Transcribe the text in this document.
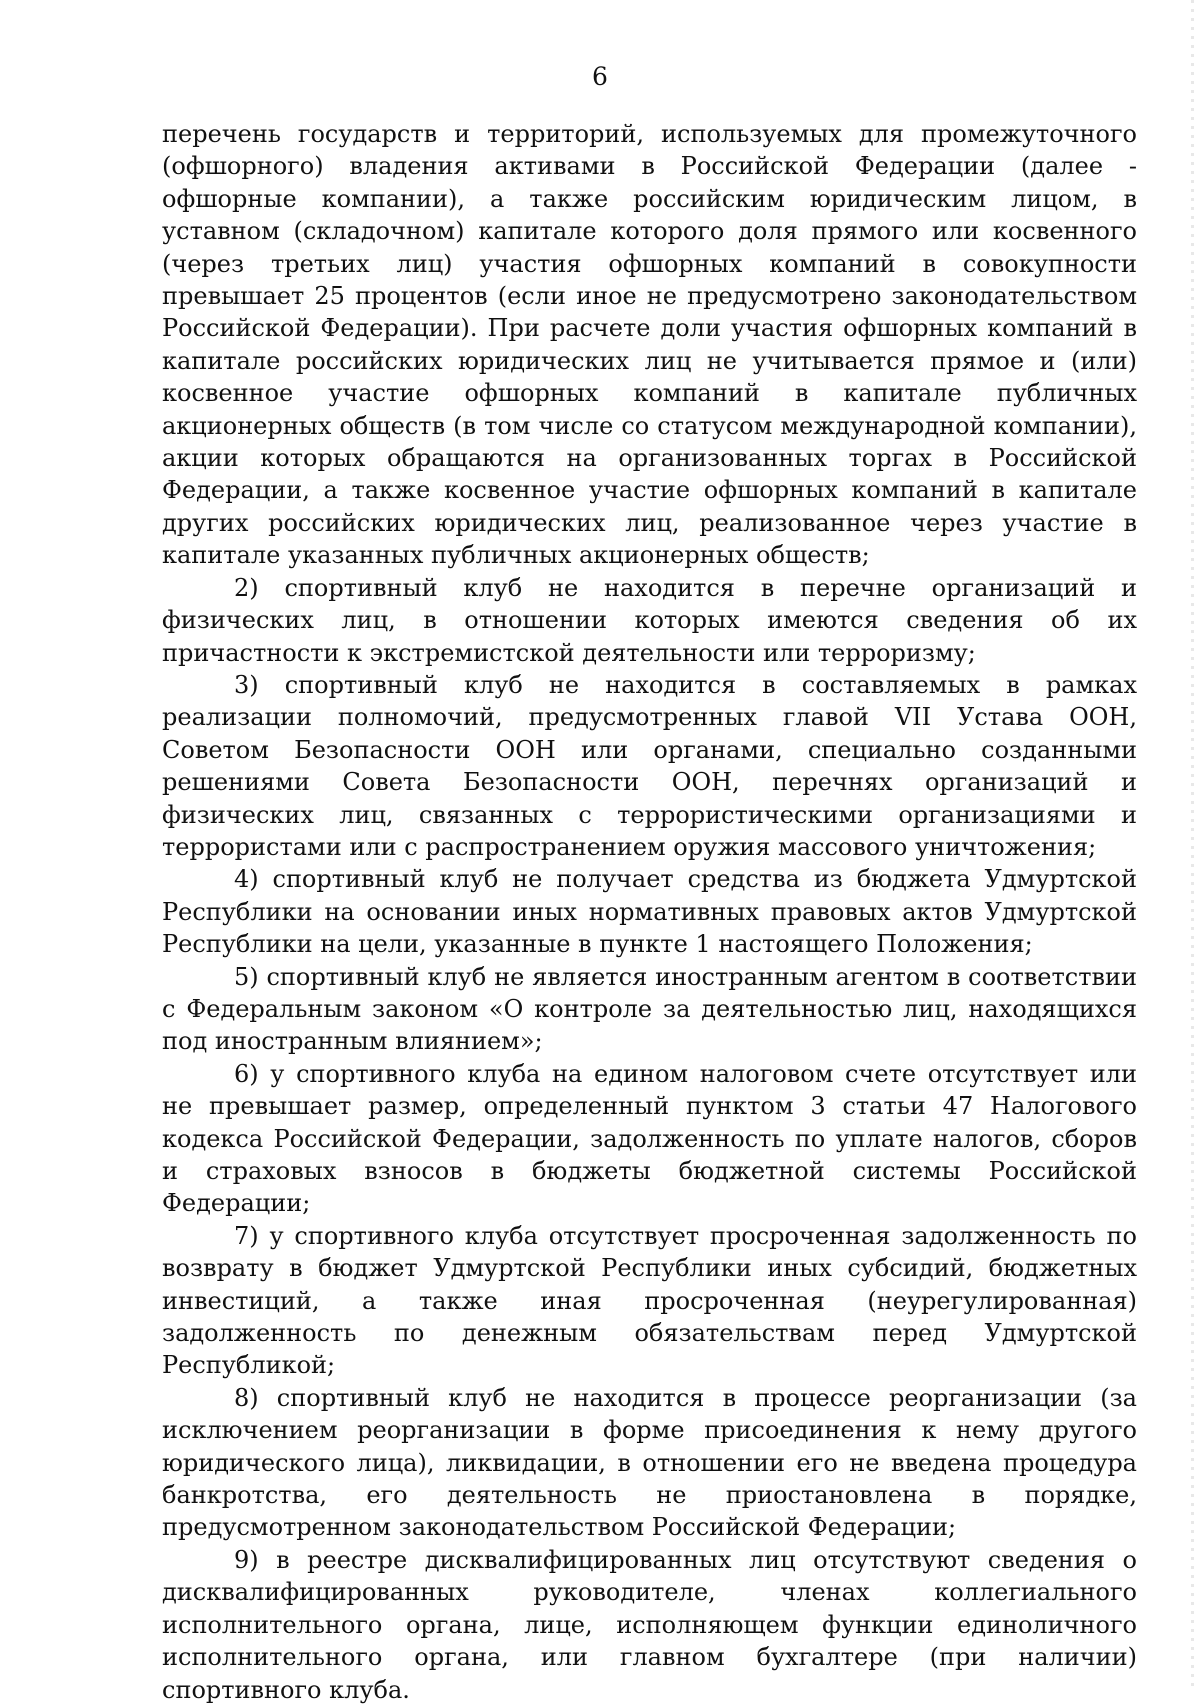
6

перечень государств и территорий, используемых для промежуточного (офшорного) владения активами в Российской Федерации (далее - офшорные компании), а также российским юридическим лицом, в уставном (складочном) капитале которого доля прямого или косвенного (через третьих лиц) участия офшорных компаний в совокупности превышает 25 процентов (если иное не предусмотрено законодательством Российской Федерации). При расчете доли участия офшорных компаний в капитале российских юридических лиц не учитывается прямое и (или) косвенное участие офшорных компаний в капитале публичных акционерных обществ (в том числе со статусом международной компании), акции которых обращаются на организованных торгах в Российской Федерации, а также косвенное участие офшорных компаний в капитале других российских юридических лиц, реализованное через участие в капитале указанных публичных акционерных обществ;

2) спортивный клуб не находится в перечне организаций и физических лиц, в отношении которых имеются сведения об их причастности к экстремистской деятельности или терроризму;

3) спортивный клуб не находится в составляемых в рамках реализации полномочий, предусмотренных главой VII Устава ООН, Советом Безопасности ООН или органами, специально созданными решениями Совета Безопасности ООН, перечнях организаций и физических лиц, связанных с террористическими организациями и террористами или с распространением оружия массового уничтожения;

4) спортивный клуб не получает средства из бюджета Удмуртской Республики на основании иных нормативных правовых актов Удмуртской Республики на цели, указанные в пункте 1 настоящего Положения;

5) спортивный клуб не является иностранным агентом в соответствии с Федеральным законом «О контроле за деятельностью лиц, находящихся под иностранным влиянием»;

6) у спортивного клуба на едином налоговом счете отсутствует или не превышает размер, определенный пунктом 3 статьи 47 Налогового кодекса Российской Федерации, задолженность по уплате налогов, сборов и страховых взносов в бюджеты бюджетной системы Российской Федерации;

7) у спортивного клуба отсутствует просроченная задолженность по возврату в бюджет Удмуртской Республики иных субсидий, бюджетных инвестиций, а также иная просроченная (неурегулированная) задолженность по денежным обязательствам перед Удмуртской Республикой;

8) спортивный клуб не находится в процессе реорганизации (за исключением реорганизации в форме присоединения к нему другого юридического лица), ликвидации, в отношении его не введена процедура банкротства, его деятельность не приостановлена в порядке, предусмотренном законодательством Российской Федерации;

9) в реестре дисквалифицированных лиц отсутствуют сведения о дисквалифицированных руководителе, членах коллегиального исполнительного органа, лице, исполняющем функции единоличного исполнительного органа, или главном бухгалтере (при наличии) спортивного клуба.
